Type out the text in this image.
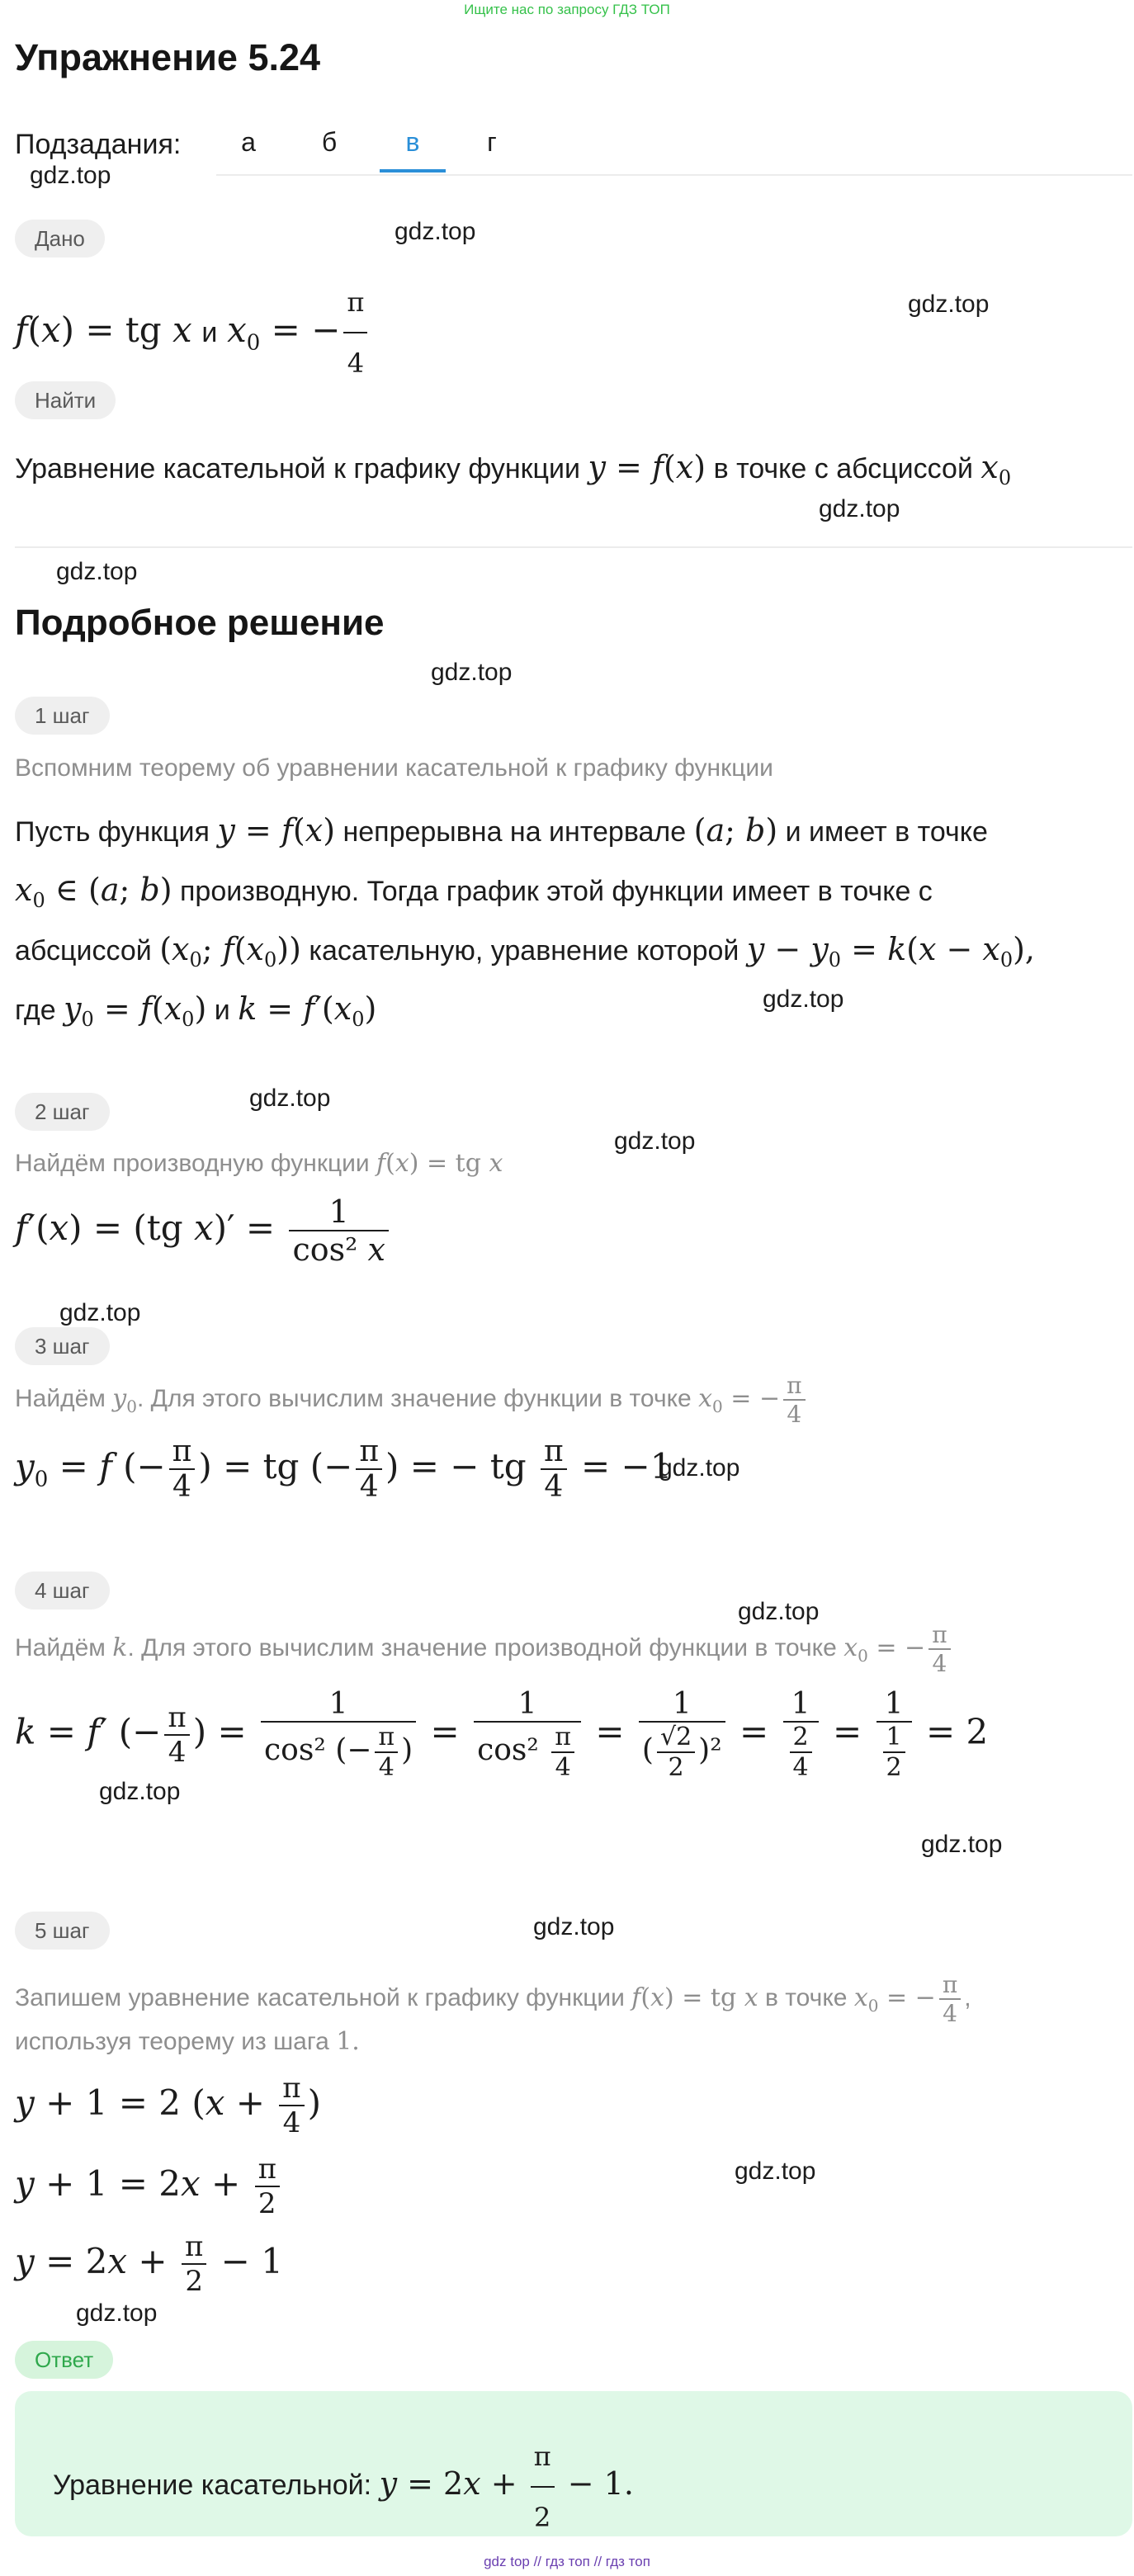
Ищите нас по запросу ГДЗ ТОП
Упражнение 5.24
Подзадания:	а	б	в	г
gdz.top
gdz.top
gdz.top
gdz.top
gdz.top
gdz.top
gdz.top
gdz.top
gdz.top
gdz.top
gdz.top
gdz.top
gdz.top
gdz.top
gdz.top
gdz.top
gdz.top
Дано
f(x) = tg x и $x_0$ = − $\frac{\pi}{4}$
Найти
Уравнение касательной к графику функции y = f(x) в точке с абсциссой $x_0$
Подробное решение
1 шаг
Вспомним теорему об уравнении касательной к графику функции
Пусть функция y = f(x) непрерывна на интервале (a; b) и имеет в точке
$x_0$ ∈ (a; b) производную. Тогда график этой функции имеет в точке с
абсциссой ($x_0$; $f(x_0)$) касательную, уравнение которой $y - y_0 = k(x - x_0)$,
где $y_0 = f(x_0)$ и $k = f'(x_0)$
2 шаг
Найдём производную функции f(x) = tg x
f′(x) = (tg $x)' = \frac{1}{\text{cos² x}}$
3 шаг
Найдём $y_0$. Для этого вычислим значение функции в точке $x_0$ = − $\frac{\pi}{4}$
$y_0 = f$ (− $\frac{\pi}{4}$ ) = tg (− $\frac{\pi}{4}$ ) = − tg $\frac{\pi}{4} = -1$
4 шаг
Найдём k. Для этого вычислим значение производной функции в точке $x_0$ = − $\frac{\pi}{4}$
k = f′ (− $\frac{\pi}{4}$ ) = $\frac{1}{\cos^2 (- \frac{\pi}{4} )} = \frac{1}{\cos^2 \frac{\pi}{4}} = \frac{1}{( \frac{√2}{2} )^2} = \frac{1}{\frac{2}{4}} = \frac{1}{\frac{1}{2}} = 2$
5 шаг
Запишем уравнение касательной к графику функции f(x) = tg x в точке $x_0$ = − $\frac{\pi}{4}$ ,
используя теорему из шага 1.
y + 1 = 2 ($x + \frac{\pi}{4}$ )
$y + 1 = 2x + \frac{\pi}{2}$
$y = 2x + \frac{\pi}{2} - 1$
Ответ
Уравнение касательной: $y = 2x + \frac{\pi}{2} - 1$.
gdz top // гдз топ // гдз топ
